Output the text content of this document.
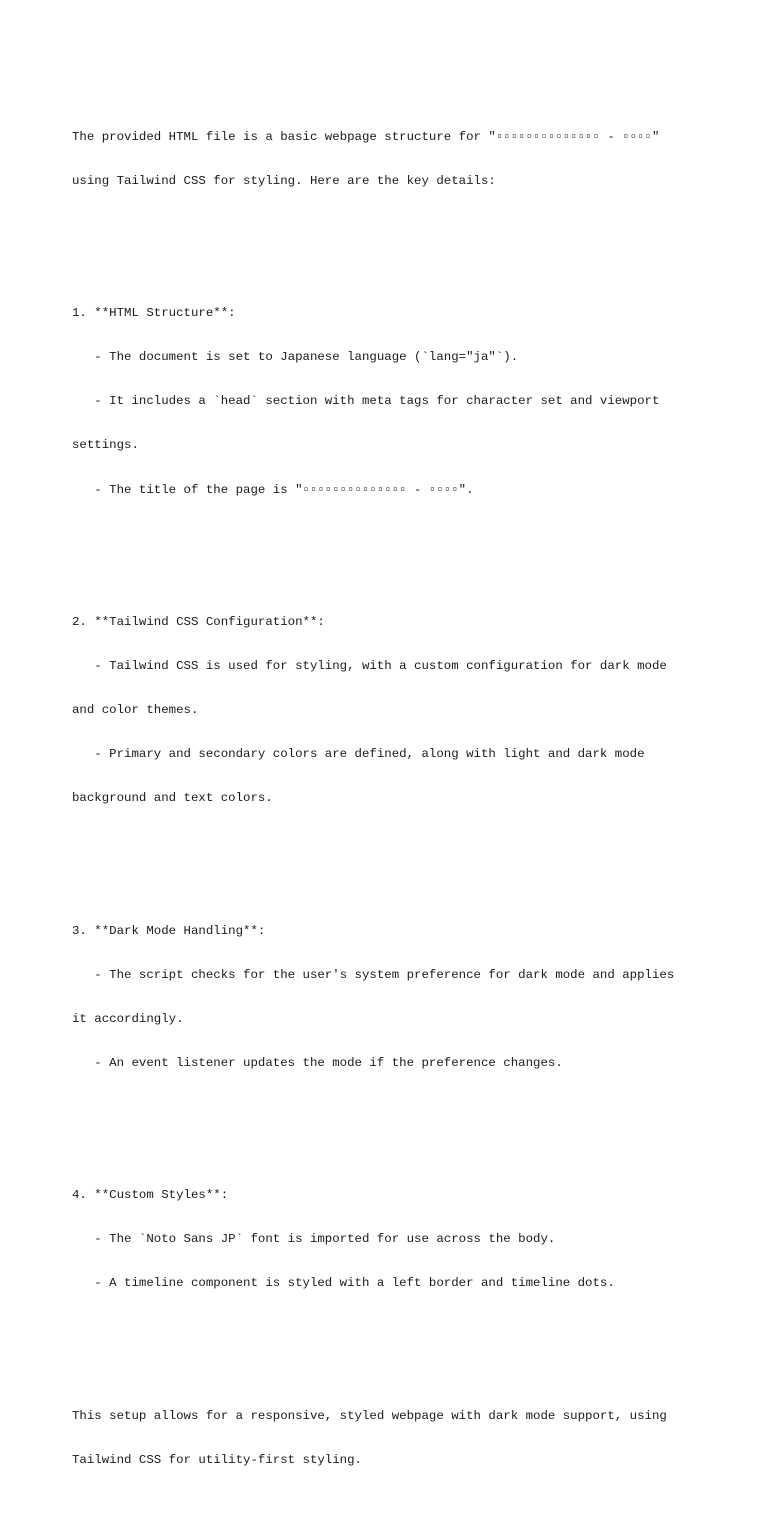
The provided HTML file is a basic webpage structure for "▫▫▫▫▫▫▫▫▫▫▫▫▫▫ - ▫▫▫▫"

using Tailwind CSS for styling. Here are the key details:

1. **HTML Structure**:

- The document is set to Japanese language (`lang="ja"`).

- It includes a `head` section with meta tags for character set and viewport

settings.

- The title of the page is "▫▫▫▫▫▫▫▫▫▫▫▫▫▫ - ▫▫▫▫".

2. **Tailwind CSS Configuration**:

- Tailwind CSS is used for styling, with a custom configuration for dark mode

and color themes.

- Primary and secondary colors are defined, along with light and dark mode

background and text colors.

3. **Dark Mode Handling**:

- The script checks for the user's system preference for dark mode and applies

it accordingly.

- An event listener updates the mode if the preference changes.

4. **Custom Styles**:

- The `Noto Sans JP` font is imported for use across the body.

- A timeline component is styled with a left border and timeline dots.

This setup allows for a responsive, styled webpage with dark mode support, using

Tailwind CSS for utility-first styling.
